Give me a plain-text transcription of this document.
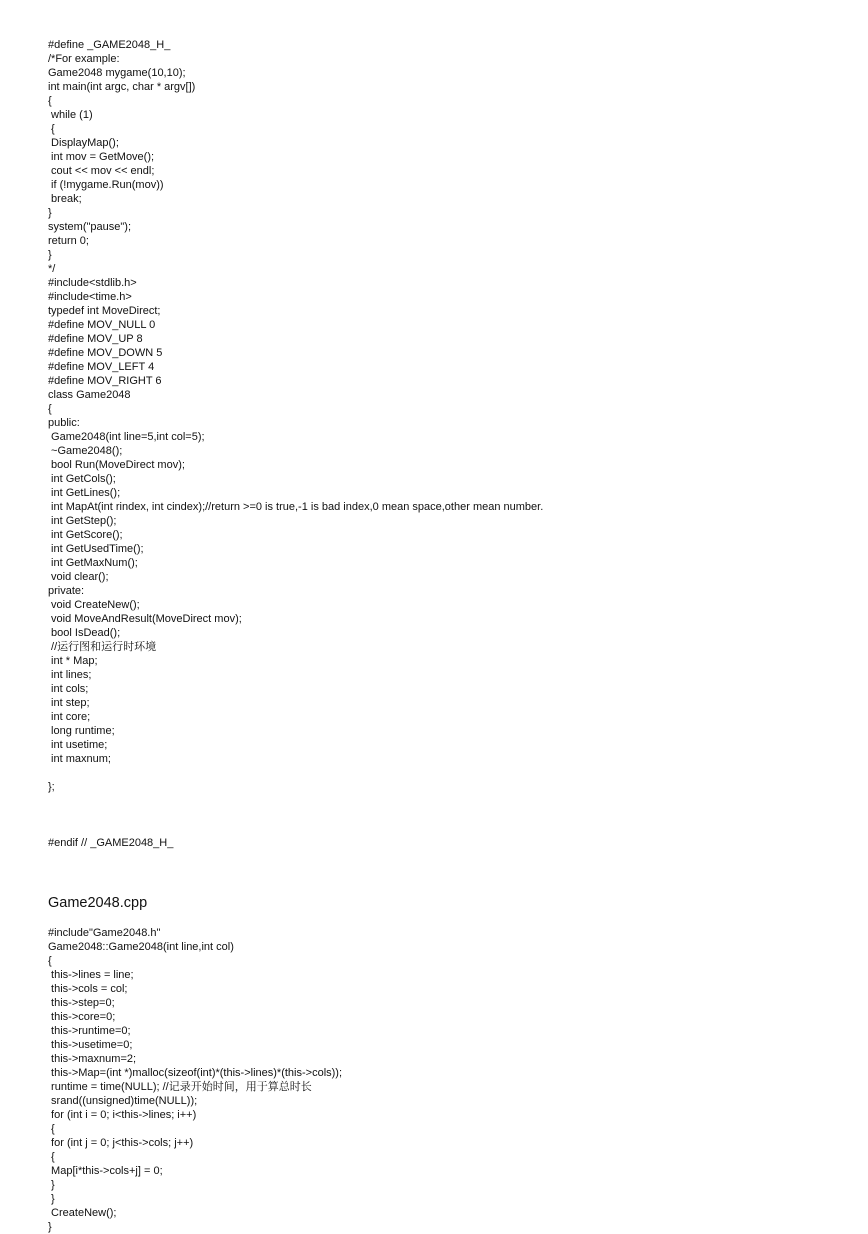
#define _GAME2048_H_
/*For example:
Game2048 mygame(10,10);
int main(int argc, char * argv[])
{
while (1)
{
DisplayMap();
int mov = GetMove();
cout << mov << endl;
if (!mygame.Run(mov))
break;
}
system("pause");
return 0;
}
*/
#include<stdlib.h>
#include<time.h>
typedef int MoveDirect;
#define MOV_NULL 0
#define MOV_UP 8
#define MOV_DOWN 5
#define MOV_LEFT 4
#define MOV_RIGHT 6
class Game2048
{
public:
Game2048(int line=5,int col=5);
~Game2048();
bool Run(MoveDirect mov);
int GetCols();
int GetLines();
int MapAt(int rindex, int cindex);//return >=0 is true,-1 is bad index,0 mean space,other mean number.
int GetStep();
int GetScore();
int GetUsedTime();
int GetMaxNum();
void clear();
private:
void CreateNew();
void MoveAndResult(MoveDirect mov);
bool IsDead();
//运行图和运行时环境
int * Map;
int lines;
int cols;
int step;
int core;
long runtime;
int usetime;
int maxnum;
};

#endif // _GAME2048_H_

Game2048.cpp
#include"Game2048.h"
Game2048::Game2048(int line,int col)
{
this->lines = line;
this->cols = col;
this->step=0;
this->core=0;
this->runtime=0;
this->usetime=0;
this->maxnum=2;
this->Map=(int *)malloc(sizeof(int)*(this->lines)*(this->cols));
runtime = time(NULL); //记录开始时间，用于算总时长
srand((unsigned)time(NULL));
for (int i = 0; i<this->lines; i++)
{
for (int j = 0; j<this->cols; j++)
{
Map[i*this->cols+j] = 0;
}
}
CreateNew();
}
